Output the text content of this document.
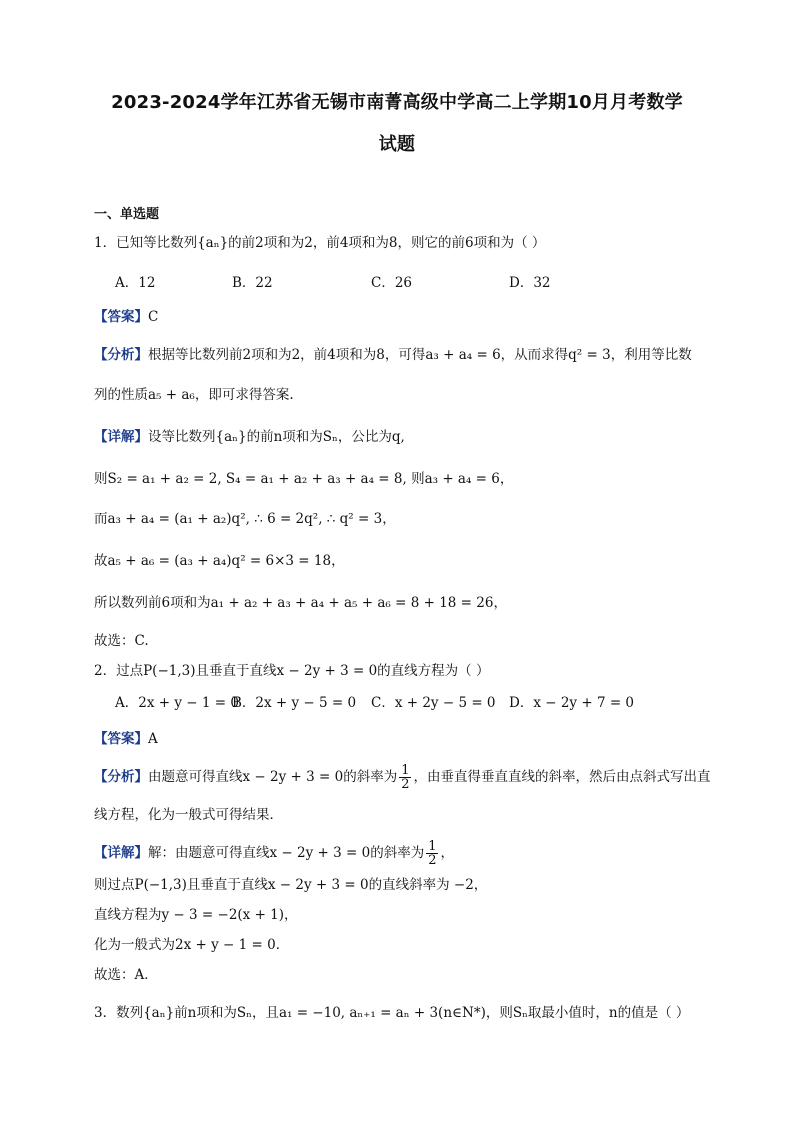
2023-2024学年江苏省无锡市南菁高级中学高二上学期10月月考数学
试题
一、单选题
1．已知等比数列{aₙ}的前2项和为2，前4项和为8，则它的前6项和为（ ）
A．12	B．22	C．26	D．32
【答案】C
【分析】根据等比数列前2项和为2，前4项和为8，可得a₃ + a₄ = 6，从而求得q² = 3，利用等比数
列的性质a₅ + a₆，即可求得答案.
【详解】设等比数列{aₙ}的前n项和为Sₙ，公比为q,
则S₂ = a₁ + a₂ = 2, S₄ = a₁ + a₂ + a₃ + a₄ = 8, 则a₃ + a₄ = 6，
而a₃ + a₄ = (a₁ + a₂)q², ∴ 6 = 2q², ∴ q² = 3，
故a₅ + a₆ = (a₃ + a₄)q² = 6×3 = 18，
所以数列前6项和为a₁ + a₂ + a₃ + a₄ + a₅ + a₆ = 8 + 18 = 26，
故选：C.
2．过点P(−1,3)且垂直于直线x − 2y + 3 = 0的直线方程为（ ）
A．2x + y − 1 = 0
B．2x + y − 5 = 0 C．x + 2y − 5 = 0 D．x − 2y + 7 = 0
【答案】A
【分析】由题意可得直线x − 2y + 3 = 0的斜率为 $\frac{1}{2}$ ，由垂直得垂直直线的斜率，然后由点斜式写出直
线方程，化为一般式可得结果．
【详解】解：由题意可得直线x − 2y + 3 = 0的斜率为 $\frac{1}{2}$ ，
则过点P(−1,3)且垂直于直线x − 2y + 3 = 0的直线斜率为 −2，
直线方程为y − 3 = −2(x + 1)，
化为一般式为2x + y − 1 = 0．
故选：A．
3．数列{aₙ}前n项和为Sₙ，且a₁ = −10, aₙ₊₁ = aₙ + 3(n∈N*)，则Sₙ取最小值时，n的值是（ ）
